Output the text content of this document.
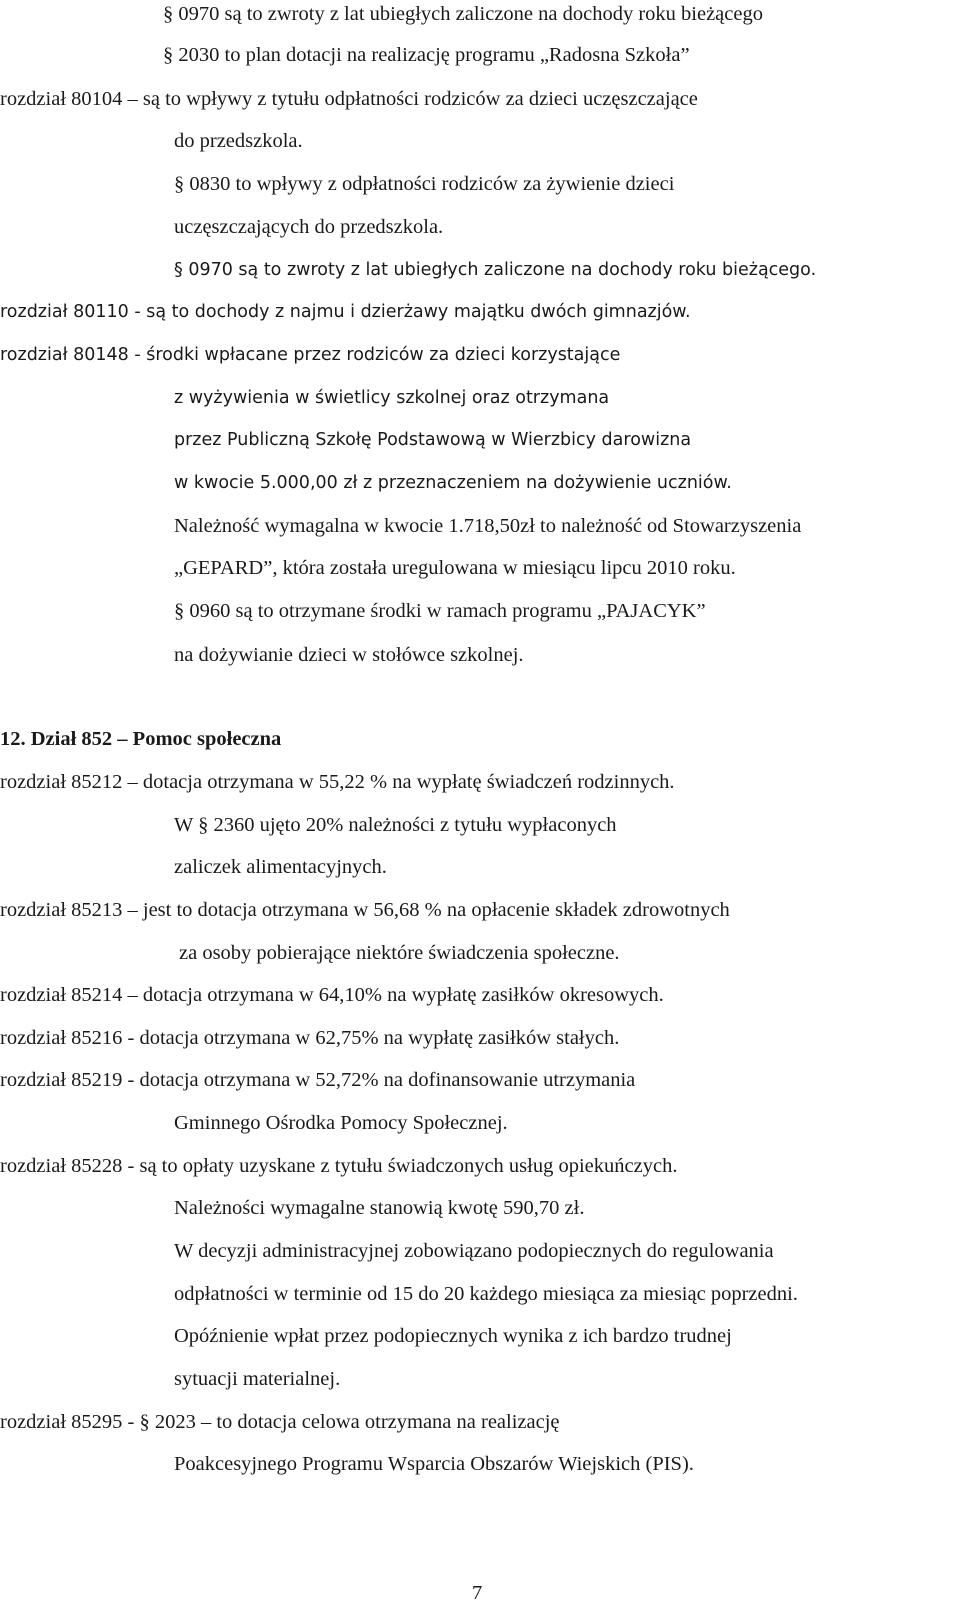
§ 0970 są to zwroty z lat ubiegłych zaliczone na dochody roku bieżącego
§ 2030 to plan dotacji na realizację programu „Radosna Szkoła”
rozdział 80104 – są to wpływy z tytułu odpłatności rodziców za dzieci uczęszczające
do przedszkola.
§ 0830 to wpływy z odpłatności rodziców za żywienie dzieci
uczęszczających do przedszkola.
§ 0970 są to zwroty z lat ubiegłych zaliczone na dochody roku bieżącego.
rozdział 80110 - są to dochody z najmu i dzierżawy majątku dwóch gimnazjów.
rozdział 80148 - środki wpłacane przez rodziców za dzieci korzystające
z wyżywienia w świetlicy szkolnej oraz otrzymana
przez Publiczną Szkołę Podstawową w Wierzbicy darowizna
w kwocie 5.000,00 zł z przeznaczeniem na dożywienie uczniów.
Należność wymagalna w kwocie 1.718,50zł to należność od Stowarzyszenia
„GEPARD”, która została uregulowana w miesiącu lipcu 2010 roku.
§ 0960 są to otrzymane środki w ramach programu „PAJACYK”
na dożywianie dzieci w stołówce szkolnej.
12. Dział 852 – Pomoc społeczna
rozdział 85212 – dotacja otrzymana w 55,22 % na wypłatę świadczeń rodzinnych.
W § 2360 ujęto 20% należności z tytułu wypłaconych
zaliczek alimentacyjnych.
rozdział 85213 – jest to dotacja otrzymana w 56,68 % na opłacenie składek zdrowotnych
za osoby pobierające niektóre świadczenia społeczne.
rozdział 85214 – dotacja otrzymana w 64,10% na wypłatę zasiłków okresowych.
rozdział 85216 - dotacja otrzymana w 62,75% na wypłatę zasiłków stałych.
rozdział 85219 - dotacja otrzymana w 52,72% na dofinansowanie utrzymania
Gminnego Ośrodka Pomocy Społecznej.
rozdział 85228 - są to opłaty uzyskane z tytułu świadczonych usług opiekuńczych.
Należności wymagalne stanowią kwotę 590,70 zł.
W decyzji administracyjnej zobowiązano podopiecznych do regulowania
odpłatności w terminie od 15 do 20 każdego miesiąca za miesiąc poprzedni.
Opóźnienie wpłat przez podopiecznych wynika z ich bardzo trudnej
sytuacji materialnej.
rozdział 85295 - § 2023 – to dotacja celowa otrzymana na realizację
Poakcesyjnego Programu Wsparcia Obszarów Wiejskich (PIS).
7
